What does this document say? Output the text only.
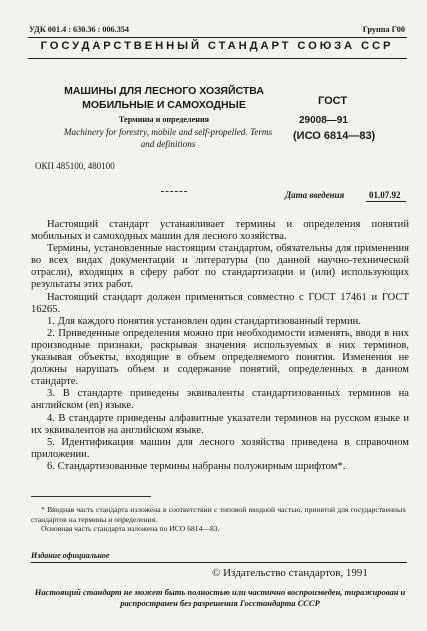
УДК 001.4 : 630.36 : 006.354	Группа Г00
ГОСУДАРСТВЕННЫЙ СТАНДАРТ СОЮЗА ССР
МАШИНЫ ДЛЯ ЛЕСНОГО ХОЗЯЙСТВА МОБИЛЬНЫЕ И САМОХОДНЫЕ
Термины и определения
Machinery for forestry, mobile and self-propelled. Terms and definitions
ГОСТ
29008—91
(ИСО 6814—83)
ОКП 485100, 480100
Дата введения	01.07.92

Настоящий стандарт устанавливает термины и определения понятий мобильных и самоходных машин для лесного хозяйства.

Термины, установленные настоящим стандартом, обязательны для применения во всех видах документации и литературы (по данной научно-технической отрасли), входящих в сферу работ по стандартизации и (или) использующих результаты этих работ.

Настоящий стандарт должен применяться совместно с ГОСТ 17461 и ГОСТ 16265.

1. Для каждого понятия установлен один стандартизованный термин.

2. Приведенные определения можно при необходимости изменять, вводя в них производные признаки, раскрывая значения используемых в них терминов, указывая объекты, входящие в объем определяемого понятия. Изменения не должны нарушать объем и содержание понятий, определенных в данном стандарте.

3. В стандарте приведены эквиваленты стандартизованных терминов на английском (en) языке.

4. В стандарте приведены алфавитные указатели терминов на русском языке и их эквивалентов на английском языке.

5. Идентификация машин для лесного хозяйства приведена в справочном приложении.

6. Стандартизованные термины набраны полужирным шрифтом*.

* Вводная часть стандарта изложена в соответствии с типовой вводной частью, принятой для государственных стандартов на термины и определения.

Основная часть стандарта изложена по ИСО 6814—83.

Издание официальное
© Издательство стандартов, 1991
Настоящий стандарт не может быть полностью или частично воспроизведен, тиражирован и распространен без разрешения Госстандарта СССР
